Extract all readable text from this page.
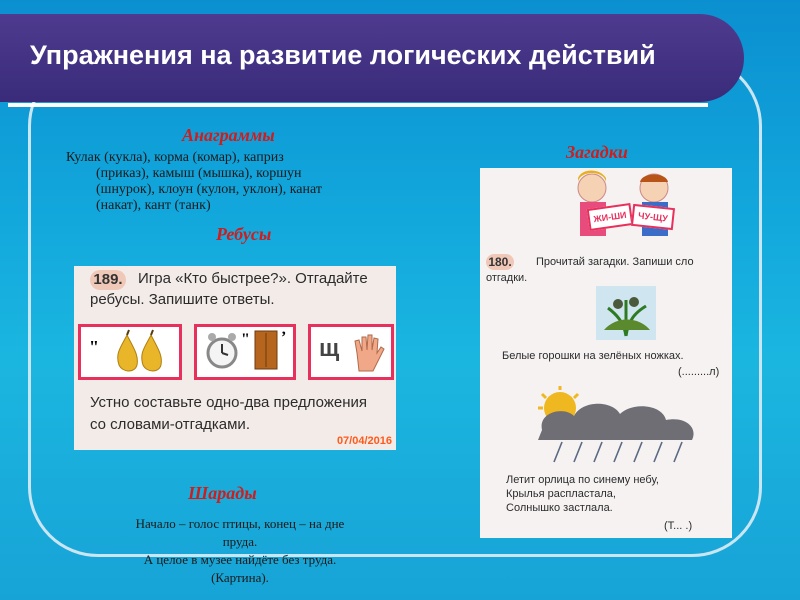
Упражнения на развитие логических действий
Анаграммы
Кулак (кукла), корма (комар), каприз
(приказ), камыш (мышка), коршун
(шнурок), клоун (кулон, уклон), канат
(накат), кант (танк)
Ребусы
189. Игра «Кто быстрее?». Отгадайте
ребусы. Запишите ответы.
"	" ’ щ
Устно составьте одно-два предложения
со словами-отгадками.
07/04/2016
Загадки
ЖИ-ШИ	ЧУ-ЩУ
180. Прочитай загадки. Запиши сло
отгадки.
Белые горошки на зелёных ножках.
(.........л)
Летит орлица по синему небу,
Крылья распластала,
Солнышко застлала.
(Т... .)
Шарады
Начало – голос птицы, конец – на дне
пруда.
А целое в музее найдёте без труда.
(Картина).
